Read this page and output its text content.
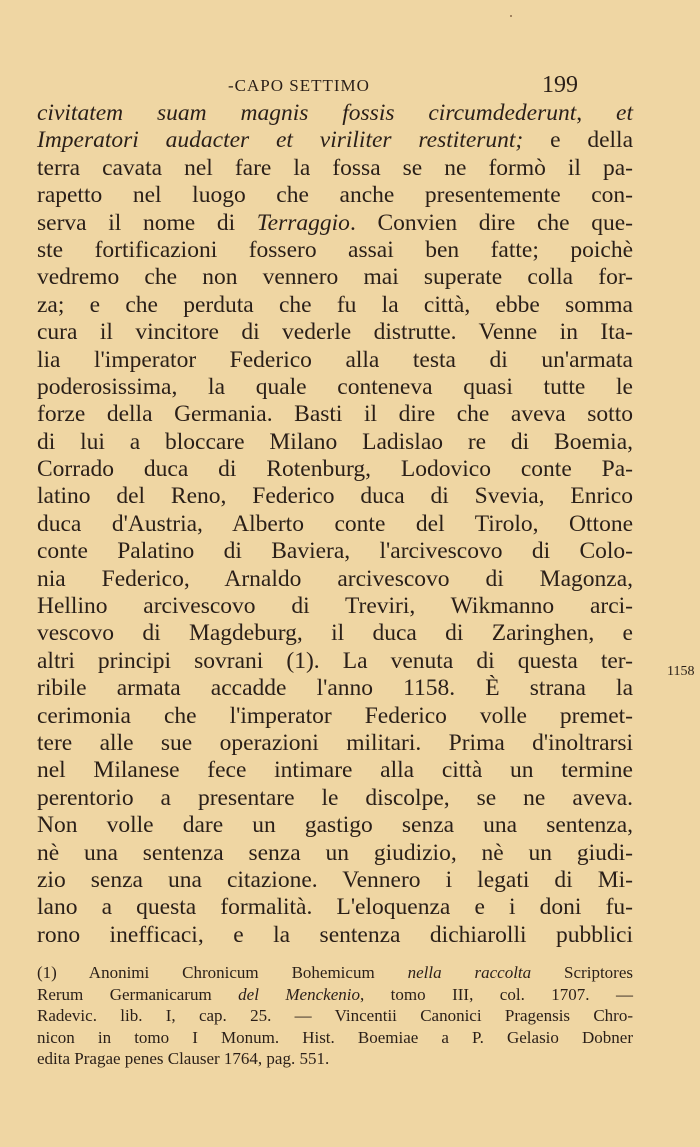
-CAPO SETTIMO	199
civitatem suam magnis fossis circumdederunt, et
Imperatori audacter et viriliter restiterunt; e della
terra cavata nel fare la fossa se ne formò il pa-
rapetto nel luogo che anche presentemente con-
serva il nome di Terraggio. Convien dire che que-
ste fortificazioni fossero assai ben fatte; poichè
vedremo che non vennero mai superate colla for-
za; e che perduta che fu la città, ebbe somma
cura il vincitore di vederle distrutte. Venne in Ita-
lia l'imperator Federico alla testa di un'armata
poderosissima, la quale conteneva quasi tutte le
forze della Germania. Basti il dire che aveva sotto
di lui a bloccare Milano Ladislao re di Boemia,
Corrado duca di Rotenburg, Lodovico conte Pa-
latino del Reno, Federico duca di Svevia, Enrico
duca d'Austria, Alberto conte del Tirolo, Ottone
conte Palatino di Baviera, l'arcivescovo di Colo-
nia Federico, Arnaldo arcivescovo di Magonza,
Hellino arcivescovo di Treviri, Wikmanno arci-
vescovo di Magdeburg, il duca di Zaringhen, e
altri principi sovrani (1). La venuta di questa ter-
ribile armata accadde l'anno 1158. È strana la
cerimonia che l'imperator Federico volle premet-
tere alle sue operazioni militari. Prima d'inoltrarsi
nel Milanese fece intimare alla città un termine
perentorio a presentare le discolpe, se ne aveva.
Non volle dare un gastigo senza una sentenza,
nè una sentenza senza un giudizio, nè un giudi-
zio senza una citazione. Vennero i legati di Mi-
lano a questa formalità. L'eloquenza e i doni fu-
rono inefficaci, e la sentenza dichiarolli pubblici
1158
(1) Anonimi Chronicum Bohemicum nella raccolta Scriptores
Rerum Germanicarum del Menckenio, tomo III, col. 1707. —
Radevic. lib. I, cap. 25. — Vincentii Canonici Pragensis Chro-
nicon in tomo I Monum. Hist. Boemiae a P. Gelasio Dobner
edita Pragae penes Clauser 1764, pag. 551.
